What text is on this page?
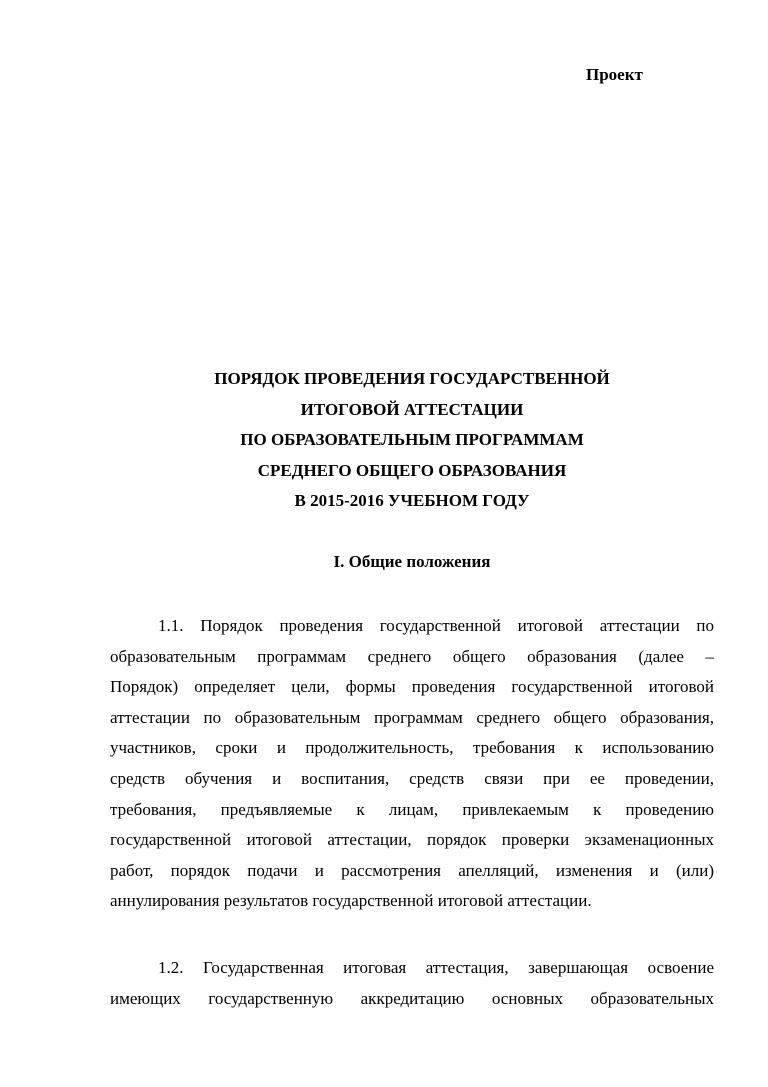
Проект
ПОРЯДОК ПРОВЕДЕНИЯ ГОСУДАРСТВЕННОЙ
ИТОГОВОЙ АТТЕСТАЦИИ
ПО ОБРАЗОВАТЕЛЬНЫМ ПРОГРАММАМ
СРЕДНЕГО ОБЩЕГО ОБРАЗОВАНИЯ
В 2015-2016 УЧЕБНОМ ГОДУ
I. Общие положения
1.1. Порядок проведения государственной итоговой аттестации по
образовательным программам среднего общего образования (далее –
Порядок) определяет цели, формы проведения государственной итоговой
аттестации по образовательным программам среднего общего образования,
участников, сроки и продолжительность, требования к использованию
средств обучения и воспитания, средств связи при ее проведении,
требования, предъявляемые к лицам, привлекаемым к проведению
государственной итоговой аттестации, порядок проверки экзаменационных
работ, порядок подачи и рассмотрения апелляций, изменения и (или)
аннулирования результатов государственной итоговой аттестации.
1.2. Государственная итоговая аттестация, завершающая освоение
имеющих государственную аккредитацию основных образовательных
